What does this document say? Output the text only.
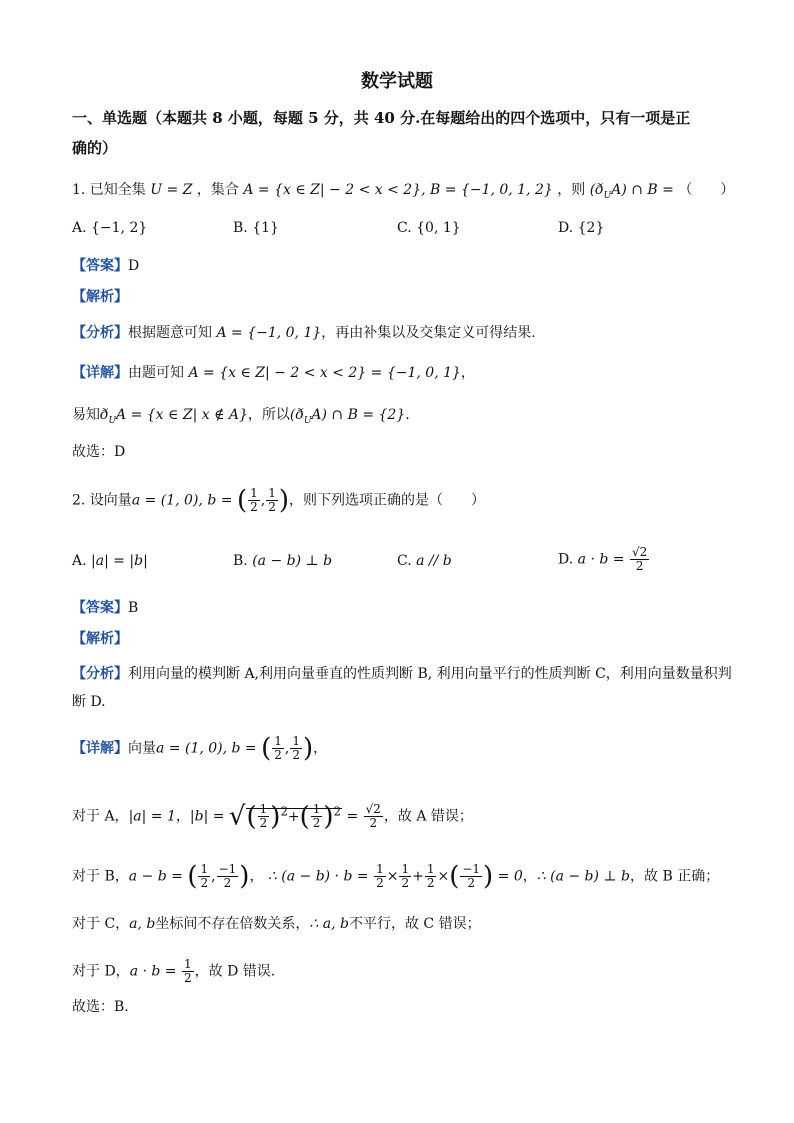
数学试题
一、单选题（本题共 8 小题，每题 5 分，共 40 分.在每题给出的四个选项中，只有一项是正
确的）
1. 已知全集 U = Z ，集合 A = {x ∈ Z| − 2 < x < 2}, B = {−1, 0, 1, 2} ，则 $(ð_UA)$ ∩ B = （　　）
A. {−1, 2}	B. {1}	C. {0, 1}	D. {2}
【答案】D
【解析】
【分析】根据题意可知 A = {−1, 0, 1}，再由补集以及交集定义可得结果.
【详解】由题可知 A = {x ∈ Z| − 2 < x < 2} = {−1, 0, 1}，
易知$ð_UA = \{x$ ∈ Z| x ∉ A}，所以$(ð_UA)$ ∩ B = {2}.
故选：D
2. 设向量a = (1, 0), b = ( $\frac{1}{2}$ , $\frac{1}{2}$ )，则下列选项正确的是（　　）
A. |a| = |b|	B. (a − b) ⊥ b	C. a // b	D. $a \cdot b = \frac{√2}{2}$
【答案】B
【解析】
【分析】利用向量的模判断 A,利用向量垂直的性质判断 B, 利用向量平行的性质判断 C，利用向量数量积判
断 D.
【详解】向量a = (1, 0), b = ( $\frac{1}{2}$ , $\frac{1}{2}$ )，
对于 A，|a| = 1，|b| = √( $\frac{1}{2} )^2+( \frac{1}{2} )^2 = \frac{√2}{2}$ ，故 A 错误；
对于 B，a − b = ( $\frac{1}{2}$ , $\frac{-1}{2}$ )， ∴ $(a - b) \cdot b = \frac{1}{2} \times \frac{1}{2} + \frac{1}{2}$ ×( $\frac{-1}{2}$ ) = 0，∴ (a − b) ⊥ b，故 B 正确；
对于 C，a, b坐标间不存在倍数关系，∴ a, b不平行，故 C 错误；
对于 D，$a \cdot b = \frac{1}{2}$ ，故 D 错误.
故选：B.
